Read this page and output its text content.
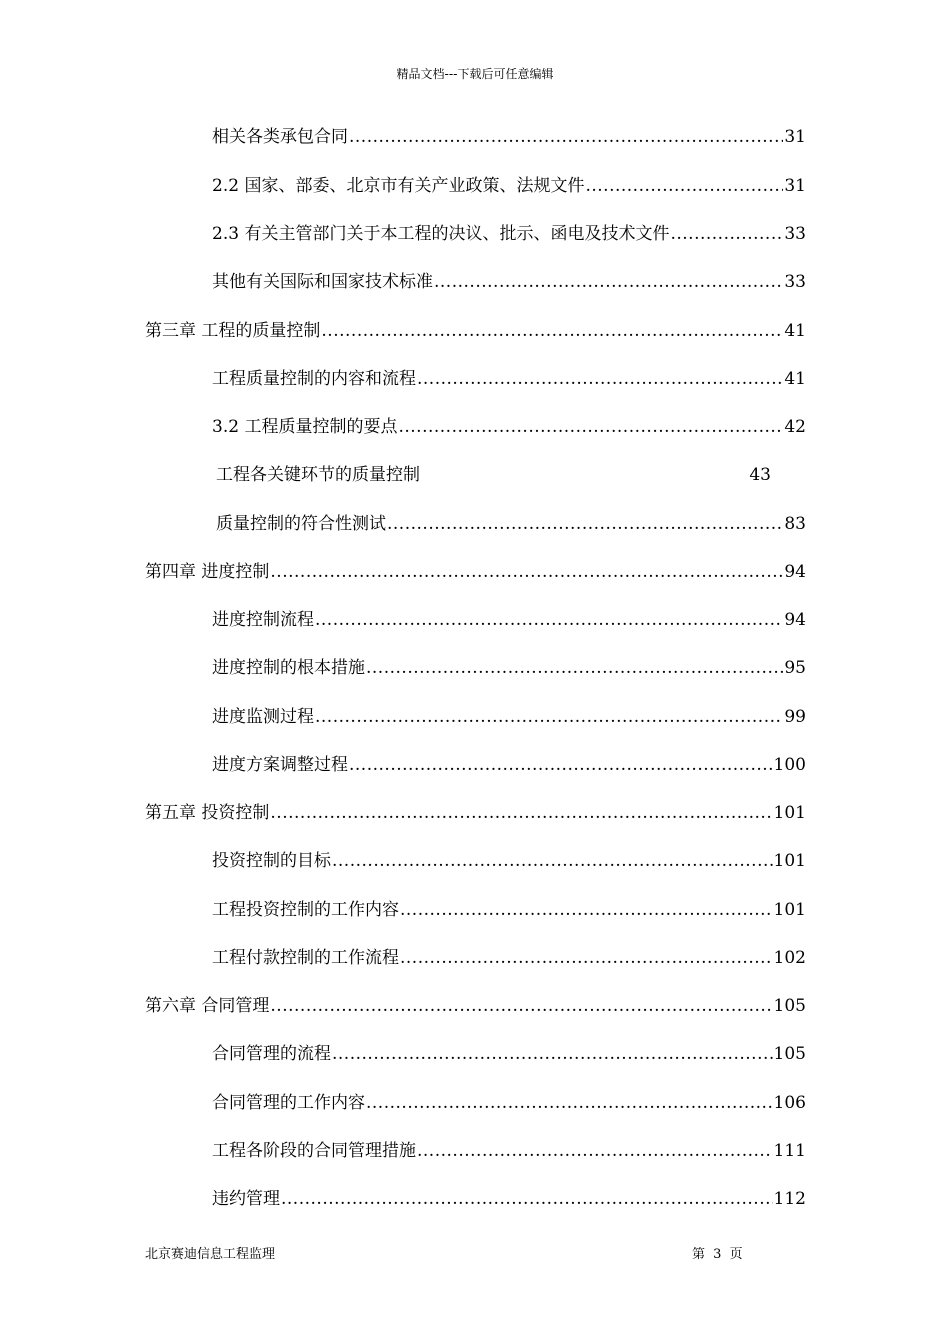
精品文档---下载后可任意编辑
相关各类承包合同 .....	31
2.2 国家、部委、北京市有关产业政策、法规文件 .....	31
2.3 有关主管部门关于本工程的决议、批示、函电及技术文件 .....	33
其他有关国际和国家技术标准 .....	33
第三章 工程的质量控制 .....	41
工程质量控制的内容和流程 .....	41
3.2 工程质量控制的要点 .....	42
工程各关键环节的质量控制	43
质量控制的符合性测试 .....	83
第四章 进度控制 .....	94
进度控制流程 .....	94
进度控制的根本措施 .....	95
进度监测过程 .....	99
进度方案调整过程 .....	100
第五章 投资控制 .....	101
投资控制的目标 .....	101
工程投资控制的工作内容 .....	101
工程付款控制的工作流程 .....	102
第六章 合同管理 .....	105
合同管理的流程 .....	105
合同管理的工作内容 .....	106
工程各阶段的合同管理措施 .....	111
违约管理 .....	112
北京赛迪信息工程监理	第 3 页
